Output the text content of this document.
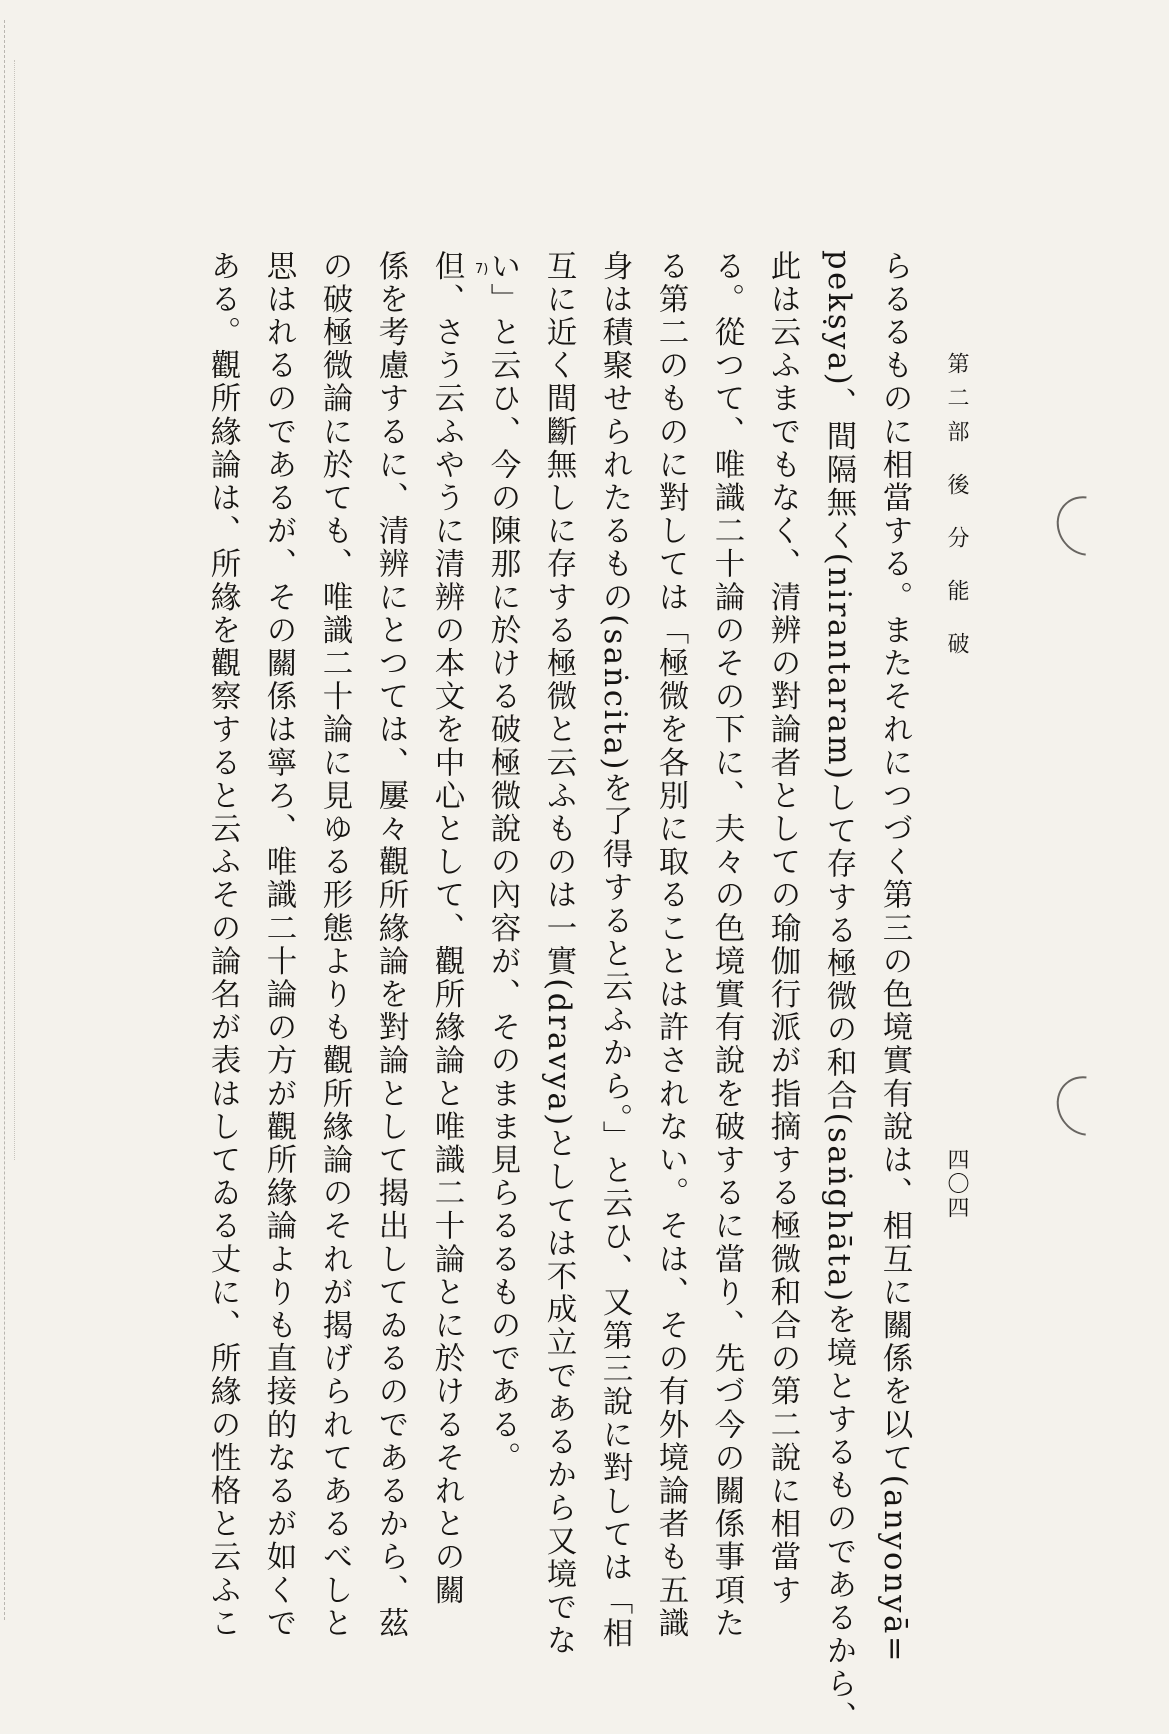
第二部 後 分 能 破
四〇四
らるるものに相當する。またそれにつづく第三の色境實有說は、相互に關係を以て(anyonyā=
pekṣya)、間隔無く(nirantaram)して存する極微の和合(saṅghāta)を境とするものであるから、
此は云ふまでもなく、清辨の對論者としての瑜伽行派が指摘する極微和合の第二說に相當す
る。從つて、唯識二十論のその下に、夫々の色境實有說を破するに當り、先づ今の關係事項た
る第二のものに對しては「極微を各別に取ることは許されない。そは、その有外境論者も五識
身は積聚せられたるもの(saṅcita)を了得すると云ふから。」と云ひ、又第三說に對しては「相
互に近く間斷無しに存する極微と云ふものは一實(dravya)としては不成立であるから又境でな
い」と云ひ、今の陳那に於ける破極微說の內容が、そのまま見らるるものである。
但、さう云ふやうに清辨の本文を中心として、觀所緣論と唯識二十論とに於けるそれとの關
係を考慮するに、清辨にとつては、屢々觀所緣論を對論として揭出してゐるのであるから、茲
の破極微論に於ても、唯識二十論に見ゆる形態よりも觀所緣論のそれが揭げられてあるべしと
思はれるのであるが、その關係は寧ろ、唯識二十論の方が觀所緣論よりも直接的なるが如くで
ある。觀所緣論は、所緣を觀察すると云ふその論名が表はしてゐる丈に、所緣の性格と云ふこ	7)
